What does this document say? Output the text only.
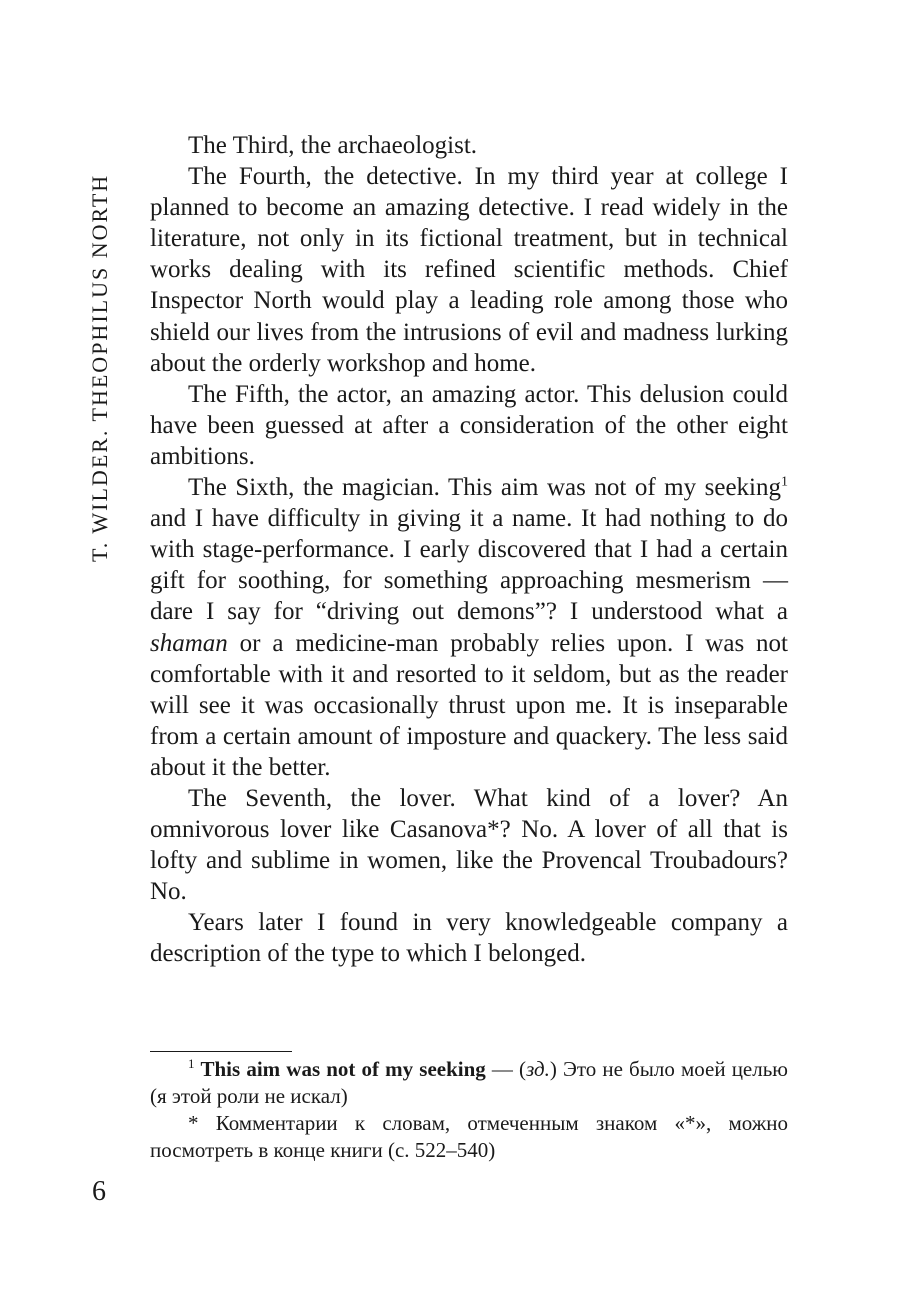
T. WILDER. THEOPHILUS NORTH

The Third, the archaeologist.

The Fourth, the detective. In my third year at college I planned to become an amazing detective. I read widely in the literature, not only in its fictional treatment, but in technical works dealing with its refined scientific methods. Chief Inspector North would play a leading role among those who shield our lives from the intrusions of evil and madness lurking about the orderly workshop and home.

The Fifth, the actor, an amazing actor. This delusion could have been guessed at after a consideration of the other eight ambitions.

The Sixth, the magician. This aim was not of my seeking$^1$ and I have difficulty in giving it a name. It had nothing to do with stage-performance. I early discovered that I had a certain gift for soothing, for something approaching mesmerism — dare I say for “driving out demons”? I understood what a shaman or a medicine-man probably relies upon. I was not comfortable with it and resorted to it seldom, but as the reader will see it was occasionally thrust upon me. It is inseparable from a certain amount of imposture and quackery. The less said about it the better.

The Seventh, the lover. What kind of a lover? An omnivorous lover like Casanova*? No. A lover of all that is lofty and sublime in women, like the Provencal Troubadours? No.

Years later I found in very knowledgeable company a description of the type to which I belonged.

$^1$ This aim was not of my seeking — (зд.) Это не было моей целью (я этой роли не искал)

* Комментарии к словам, отмеченным знаком «*», можно посмотреть в конце книги (с. 522–540)

6
